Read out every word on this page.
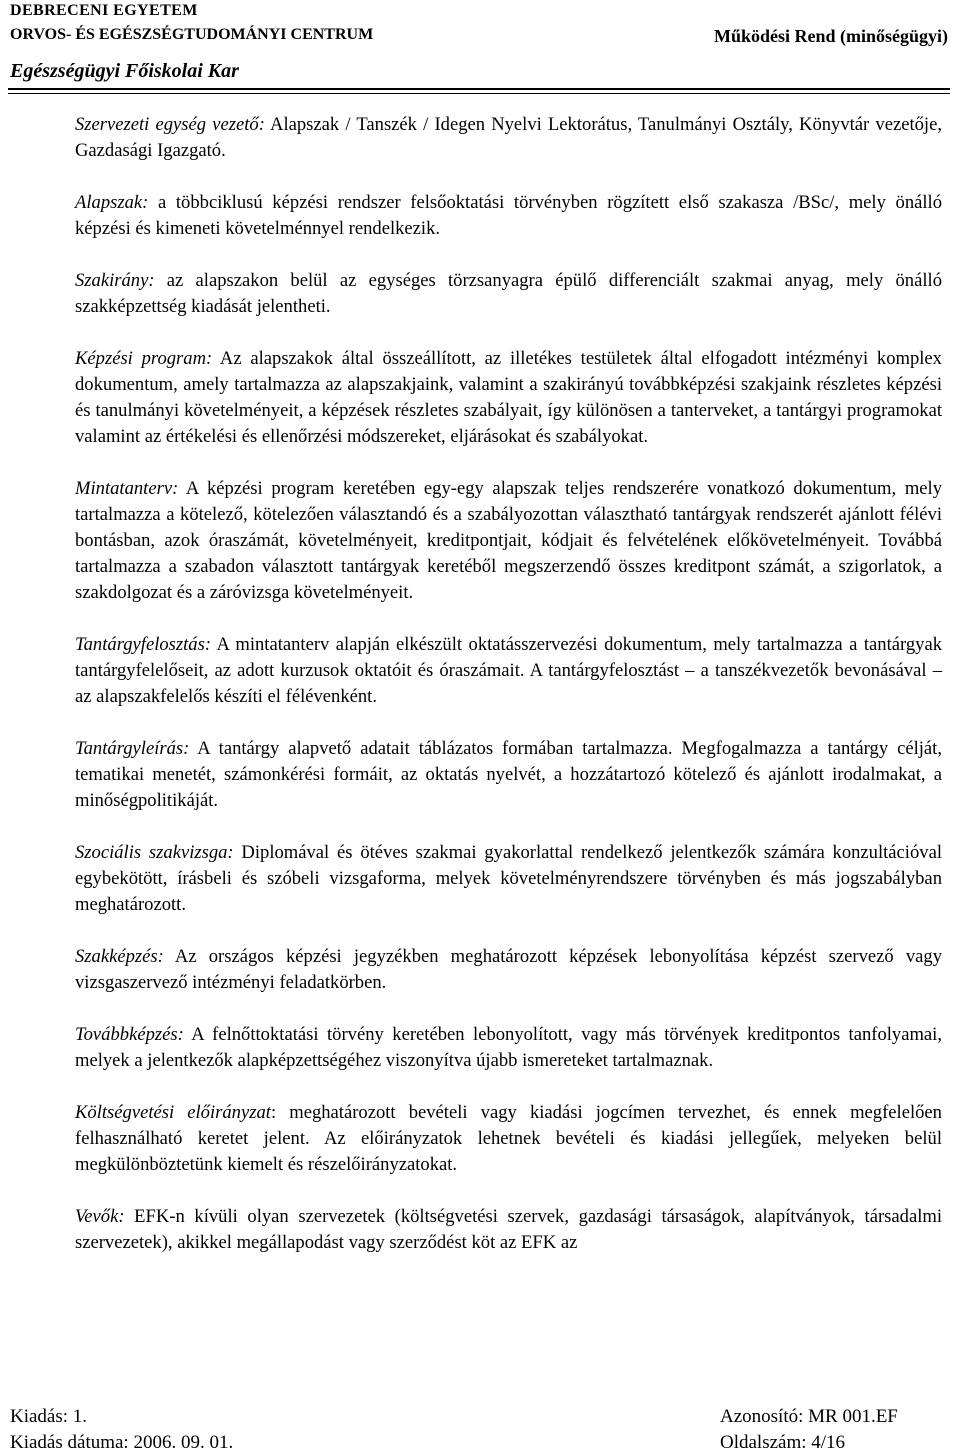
DEBRECENI EGYETEM
ORVOS- ÉS EGÉSZSÉGTUDOMÁNYI CENTRUM	Működési Rend (minőségügyi)
Egészségügyi Főiskolai Kar

Szervezeti egység vezető: Alapszak / Tanszék / Idegen Nyelvi Lektorátus, Tanulmányi Osztály, Könyvtár vezetője, Gazdasági Igazgató.

Alapszak: a többciklusú képzési rendszer felsőoktatási törvényben rögzített első szakasza /BSc/, mely önálló képzési és kimeneti követelménnyel rendelkezik.

Szakirány: az alapszakon belül az egységes törzsanyagra épülő differenciált szakmai anyag, mely önálló szakképzettség kiadását jelentheti.

Képzési program: Az alapszakok által összeállított, az illetékes testületek által elfogadott intézményi komplex dokumentum, amely tartalmazza az alapszakjaink, valamint a szakirányú továbbképzési szakjaink részletes képzési és tanulmányi követelményeit, a képzések részletes szabályait, így különösen a tanterveket, a tantárgyi programokat valamint az értékelési és ellenőrzési módszereket, eljárásokat és szabályokat.

Mintatanterv: A képzési program keretében egy-egy alapszak teljes rendszerére vonatkozó dokumentum, mely tartalmazza a kötelező, kötelezően választandó és a szabályozottan választható tantárgyak rendszerét ajánlott félévi bontásban, azok óraszámát, követelményeit, kreditpontjait, kódjait és felvételének előkövetelményeit. Továbbá tartalmazza a szabadon választott tantárgyak keretéből megszerzendő összes kreditpont számát, a szigorlatok, a szakdolgozat és a záróvizsga követelményeit.

Tantárgyfelosztás: A mintatanterv alapján elkészült oktatásszervezési dokumentum, mely tartalmazza a tantárgyak tantárgyfelelőseit, az adott kurzusok oktatóit és óraszámait. A tantárgyfelosztást – a tanszékvezetők bevonásával – az alapszakfelelős készíti el félévenként.

Tantárgyleírás: A tantárgy alapvető adatait táblázatos formában tartalmazza. Megfogalmazza a tantárgy célját, tematikai menetét, számonkérési formáit, az oktatás nyelvét, a hozzátartozó kötelező és ajánlott irodalmakat, a minőségpolitikáját.

Szociális szakvizsga: Diplomával és ötéves szakmai gyakorlattal rendelkező jelentkezők számára konzultációval egybekötött, írásbeli és szóbeli vizsgaforma, melyek követelményrendszere törvényben és más jogszabályban meghatározott.

Szakképzés: Az országos képzési jegyzékben meghatározott képzések lebonyolítása képzést szervező vagy vizsgaszervező intézményi feladatkörben.

Továbbképzés: A felnőttoktatási törvény keretében lebonyolított, vagy más törvények kreditpontos tanfolyamai, melyek a jelentkezők alapképzettségéhez viszonyítva újabb ismereteket tartalmaznak.

Költségvetési előirányzat: meghatározott bevételi vagy kiadási jogcímen tervezhet, és ennek megfelelően felhasználható keretet jelent. Az előirányzatok lehetnek bevételi és kiadási jellegűek, melyeken belül megkülönböztetünk kiemelt és részelőirányzatokat.

Vevők: EFK-n kívüli olyan szervezetek (költségvetési szervek, gazdasági társaságok, alapítványok, társadalmi szervezetek), akikkel megállapodást vagy szerződést köt az EFK az

Kiadás: 1.	Azonosító: MR 001.EF
Kiadás dátuma: 2006. 09. 01.	Oldalszám: 4/16
